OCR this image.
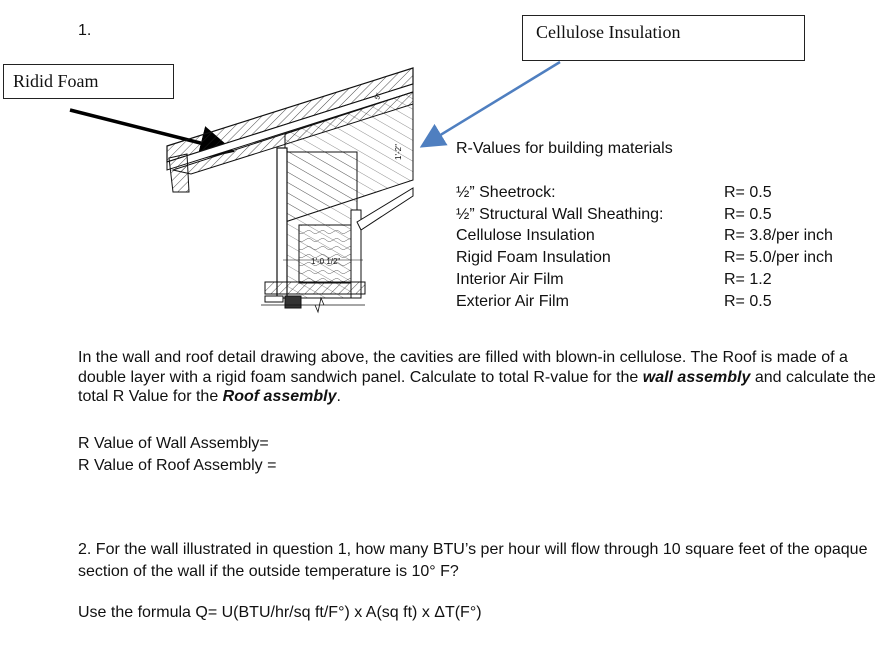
1.
Ridid Foam
Cellulose Insulation
1'-0 1/2"
1'-2"
5"
R-Values for building materials
½” Sheetrock:	R= 0.5
½” Structural Wall Sheathing:	R= 0.5
Cellulose Insulation	R= 3.8/per inch
Rigid Foam Insulation	R= 5.0/per inch
Interior Air Film	R= 1.2
Exterior Air Film	R= 0.5
In the wall and roof detail drawing above, the cavities are filled with blown-in cellulose. The Roof is made of a double layer with a rigid foam sandwich panel. Calculate to total R-value for the wall assembly and calculate the total R Value for the Roof assembly.
R Value of Wall Assembly=
R Value of Roof Assembly =
2. For the wall illustrated in question 1, how many BTU’s per hour will flow through 10 square feet of the opaque section of the wall if the outside temperature is 10° F?
Use the formula Q= U(BTU/hr/sq ft/F°) x A(sq ft) x ΔT(F°)
